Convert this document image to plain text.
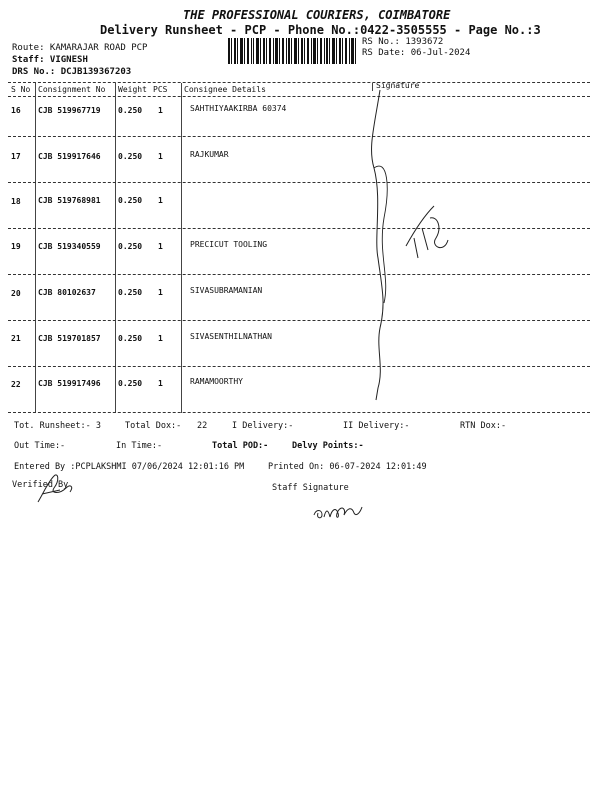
THE PROFESSIONAL COURIERS, COIMBATORE
Delivery Runsheet - PCP - Phone No.:0422-3505555 - Page No.:3
Route: KAMARAJAR ROAD PCP
Staff: VIGNESH
DRS No.: DCJB139367203
RS No.: 1393672
RS Date: 06-Jul-2024
S No Consignment No Weight PCS Consignee Details	Signature
16 CJB 519967719 0.250 1	SAHTHIYAAKIRBA 60374
17 CJB 519917646 0.250 1	RAJKUMAR
18 CJB 519768981 0.250 1
19 CJB 519340559 0.250 1	PRECICUT TOOLING
20 CJB 80102637	0.250 1	SIVASUBRAMANIAN
21 CJB 519701857 0.250 1	SIVASENTHILNATHAN
22 CJB 519917496 0.250 1	RAMAMOORTHY
Tot. Runsheet:- 3	Total Dox:- 22	I Delivery:-	II Delivery:-	RTN Dox:-
Out Time:-	In Time:-	Total POD:-	Delvy Points:-
Entered By :PCPLAKSHMI 07/06/2024 12:01:16 PM	Printed On: 06-07-2024 12:01:49
Verified By	Staff Signature
